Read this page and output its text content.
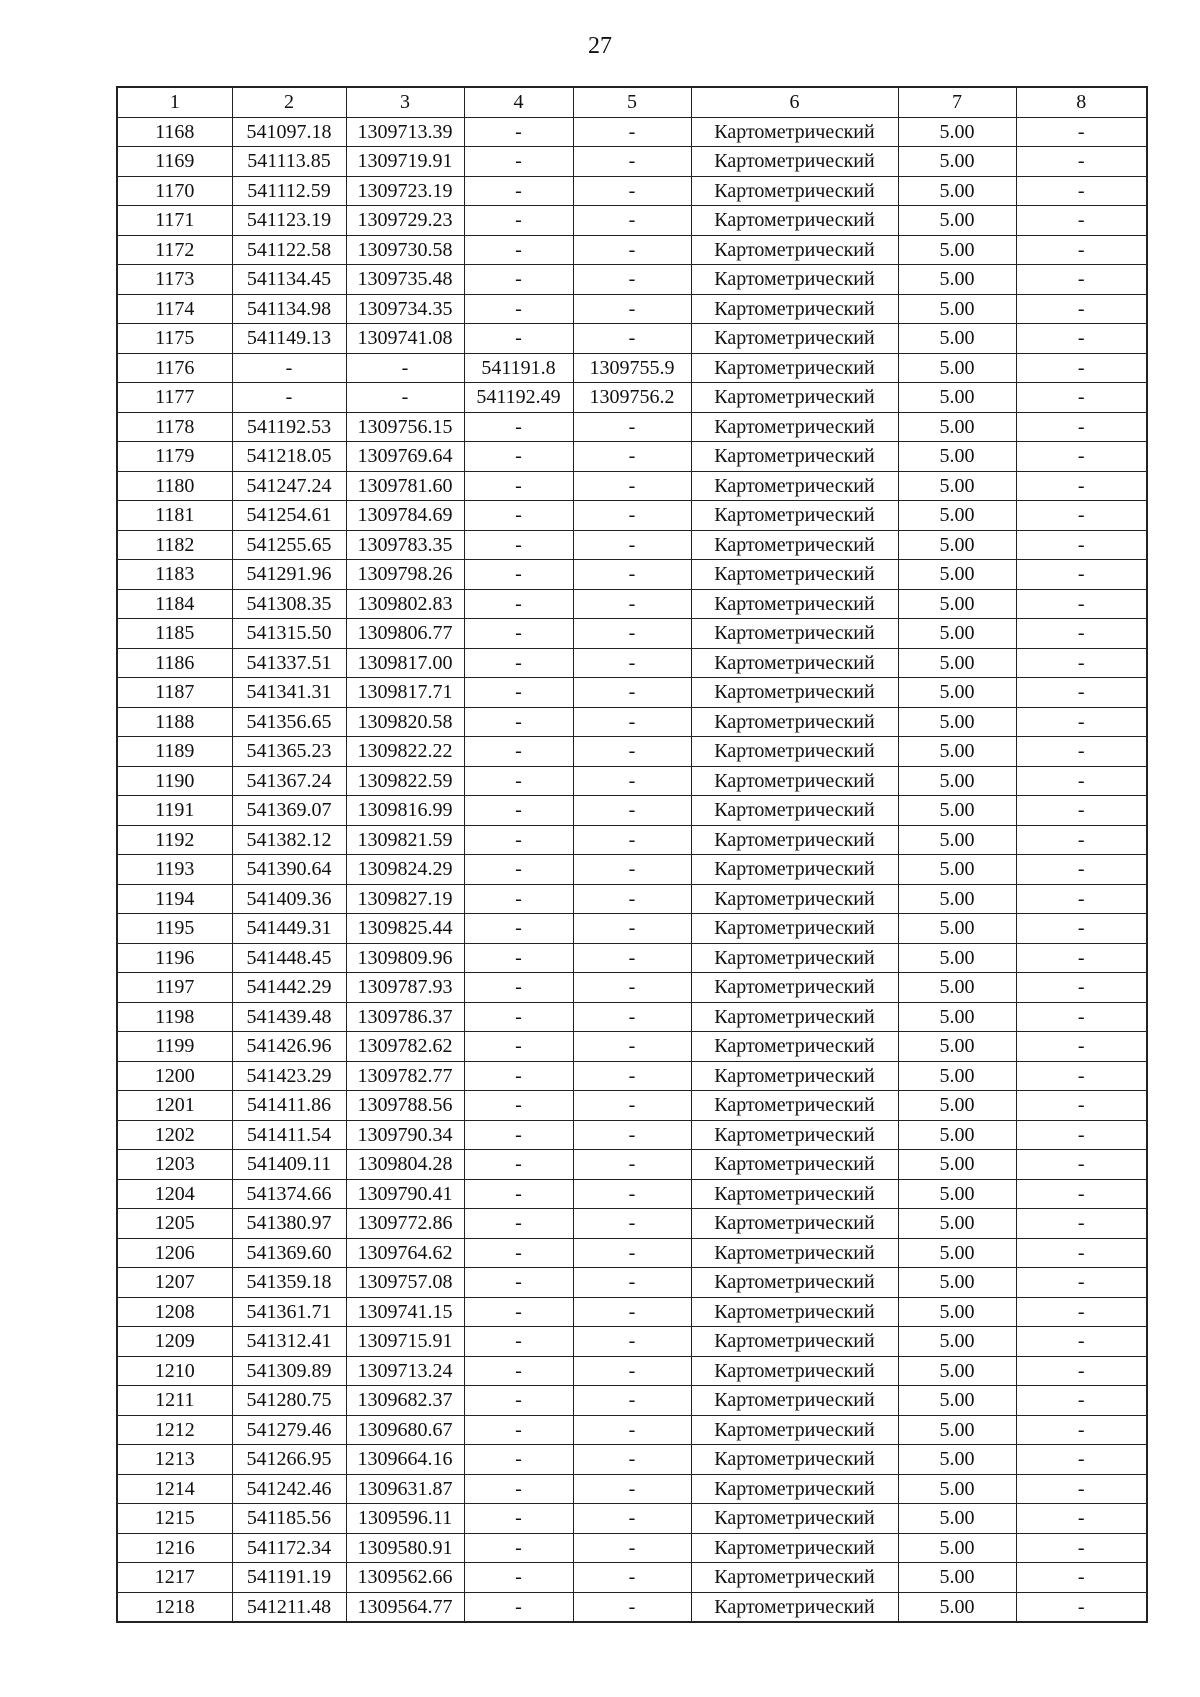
27
1	2	3	4	5	6	7	8
1168	541097.18	1309713.39	-	-	Картометрический	5.00	-
1169	541113.85	1309719.91	-	-	Картометрический	5.00	-
1170	541112.59	1309723.19	-	-	Картометрический	5.00	-
1171	541123.19	1309729.23	-	-	Картометрический	5.00	-
1172	541122.58	1309730.58	-	-	Картометрический	5.00	-
1173	541134.45	1309735.48	-	-	Картометрический	5.00	-
1174	541134.98	1309734.35	-	-	Картометрический	5.00	-
1175	541149.13	1309741.08	-	-	Картометрический	5.00	-
1176	-	-	541191.8	1309755.9	Картометрический	5.00	-
1177	-	-	541192.49	1309756.2	Картометрический	5.00	-
1178	541192.53	1309756.15	-	-	Картометрический	5.00	-
1179	541218.05	1309769.64	-	-	Картометрический	5.00	-
1180	541247.24	1309781.60	-	-	Картометрический	5.00	-
1181	541254.61	1309784.69	-	-	Картометрический	5.00	-
1182	541255.65	1309783.35	-	-	Картометрический	5.00	-
1183	541291.96	1309798.26	-	-	Картометрический	5.00	-
1184	541308.35	1309802.83	-	-	Картометрический	5.00	-
1185	541315.50	1309806.77	-	-	Картометрический	5.00	-
1186	541337.51	1309817.00	-	-	Картометрический	5.00	-
1187	541341.31	1309817.71	-	-	Картометрический	5.00	-
1188	541356.65	1309820.58	-	-	Картометрический	5.00	-
1189	541365.23	1309822.22	-	-	Картометрический	5.00	-
1190	541367.24	1309822.59	-	-	Картометрический	5.00	-
1191	541369.07	1309816.99	-	-	Картометрический	5.00	-
1192	541382.12	1309821.59	-	-	Картометрический	5.00	-
1193	541390.64	1309824.29	-	-	Картометрический	5.00	-
1194	541409.36	1309827.19	-	-	Картометрический	5.00	-
1195	541449.31	1309825.44	-	-	Картометрический	5.00	-
1196	541448.45	1309809.96	-	-	Картометрический	5.00	-
1197	541442.29	1309787.93	-	-	Картометрический	5.00	-
1198	541439.48	1309786.37	-	-	Картометрический	5.00	-
1199	541426.96	1309782.62	-	-	Картометрический	5.00	-
1200	541423.29	1309782.77	-	-	Картометрический	5.00	-
1201	541411.86	1309788.56	-	-	Картометрический	5.00	-
1202	541411.54	1309790.34	-	-	Картометрический	5.00	-
1203	541409.11	1309804.28	-	-	Картометрический	5.00	-
1204	541374.66	1309790.41	-	-	Картометрический	5.00	-
1205	541380.97	1309772.86	-	-	Картометрический	5.00	-
1206	541369.60	1309764.62	-	-	Картометрический	5.00	-
1207	541359.18	1309757.08	-	-	Картометрический	5.00	-
1208	541361.71	1309741.15	-	-	Картометрический	5.00	-
1209	541312.41	1309715.91	-	-	Картометрический	5.00	-
1210	541309.89	1309713.24	-	-	Картометрический	5.00	-
1211	541280.75	1309682.37	-	-	Картометрический	5.00	-
1212	541279.46	1309680.67	-	-	Картометрический	5.00	-
1213	541266.95	1309664.16	-	-	Картометрический	5.00	-
1214	541242.46	1309631.87	-	-	Картометрический	5.00	-
1215	541185.56	1309596.11	-	-	Картометрический	5.00	-
1216	541172.34	1309580.91	-	-	Картометрический	5.00	-
1217	541191.19	1309562.66	-	-	Картометрический	5.00	-
1218	541211.48	1309564.77	-	-	Картометрический	5.00	-
